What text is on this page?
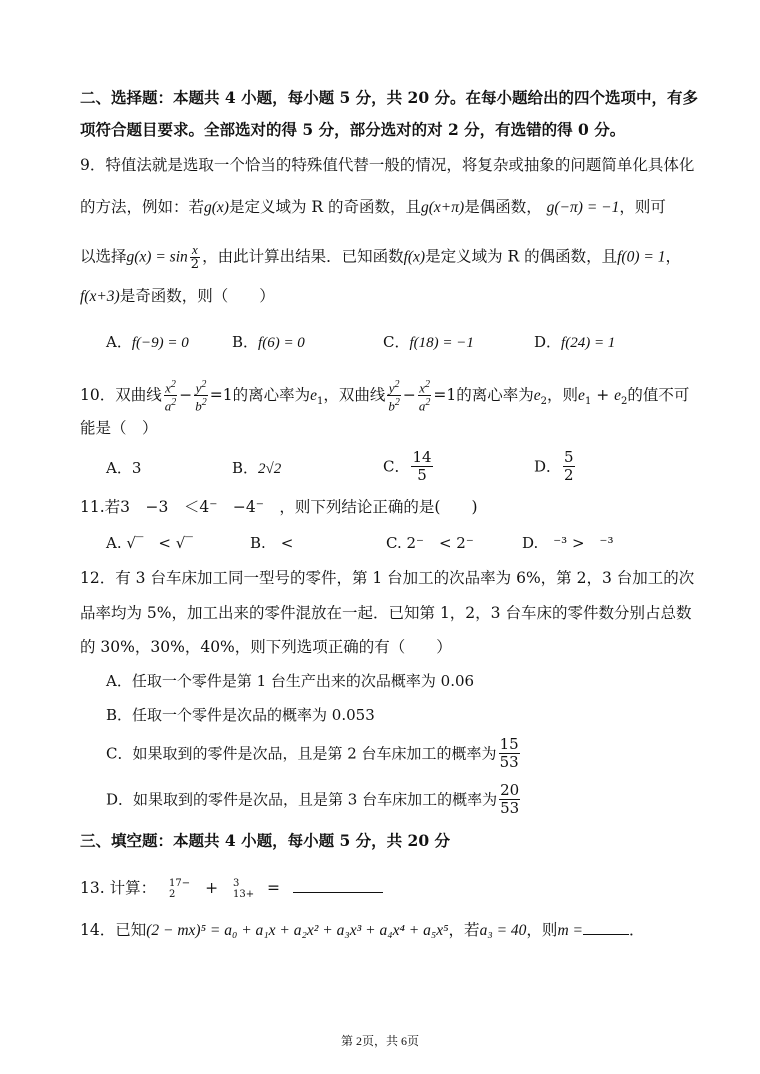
二、选择题：本题共 4 小题，每小题 5 分，共 20 分。在每小题给出的四个选项中，有多
项符合题目要求。全部选对的得 5 分，部分选对的对 2 分，有选错的得 0 分。
9．特值法就是选取一个恰当的特殊值代替一般的情况，将复杂或抽象的问题简单化具体化
的方法，例如：若g(x)是定义域为 R 的奇函数，且g(x+π)是偶函数， g(−π) = −1，则可
以选择$g(x) = \sin \frac{x}{2}$ ，由此计算出结果．已知函数f(x)是定义域为 R 的偶函数，且f(0) = 1，
f(x+3)是奇函数，则（　　）
A．f(−9) = 0	B．f(6) = 0	C．f(18) = −1	D．f(24) = 1
10．双曲线 $\frac{x^2}{a^2} - \frac{y^2}{b^2} =1$的离心率为$e_1$，双曲线 $\frac{y^2}{b^2} - \frac{x^2}{a^2} =1$的离心率为$e_2$，则$e_1 + e_2$的值不可
能是（　）
A．3	B．2√2	C． $\frac{14}{5}$	D． $\frac{5}{2}$
11.若3　−3　＜4⁻　−4⁻　，则下列结论正确的是(　　)
A. √‾　< √‾	B.　<	C. 2⁻　< 2⁻	D.　⁻³ >　⁻³
12．有 3 台车床加工同一型号的零件，第 1 台加工的次品率为 6%，第 2，3 台加工的次
品率均为 5%，加工出来的零件混放在一起．已知第 1，2，3 台车床的零件数分别占总数
的 30%，30%，40%，则下列选项正确的有（　　）
A．任取一个零件是第 1 台生产出来的次品概率为 0.06
B．任取一个零件是次品的概率为 0.053
C．如果取到的零件是次品，且是第 2 台车床加工的概率为 $\frac{15}{53}$
D．如果取到的零件是次品，且是第 3 台车床加工的概率为 $\frac{20}{53}$
三、填空题：本题共 4 小题，每小题 5 分，共 20 分
13. 计算： 17−
2	+ 3
13+ =
14．已知(2 − mx)⁵ = a₀ + a₁x + a₂x² + a₃x³ + a₄x⁴ + a₅x⁵，若a₃ = 40，则m =	．
第 2页，共 6页
